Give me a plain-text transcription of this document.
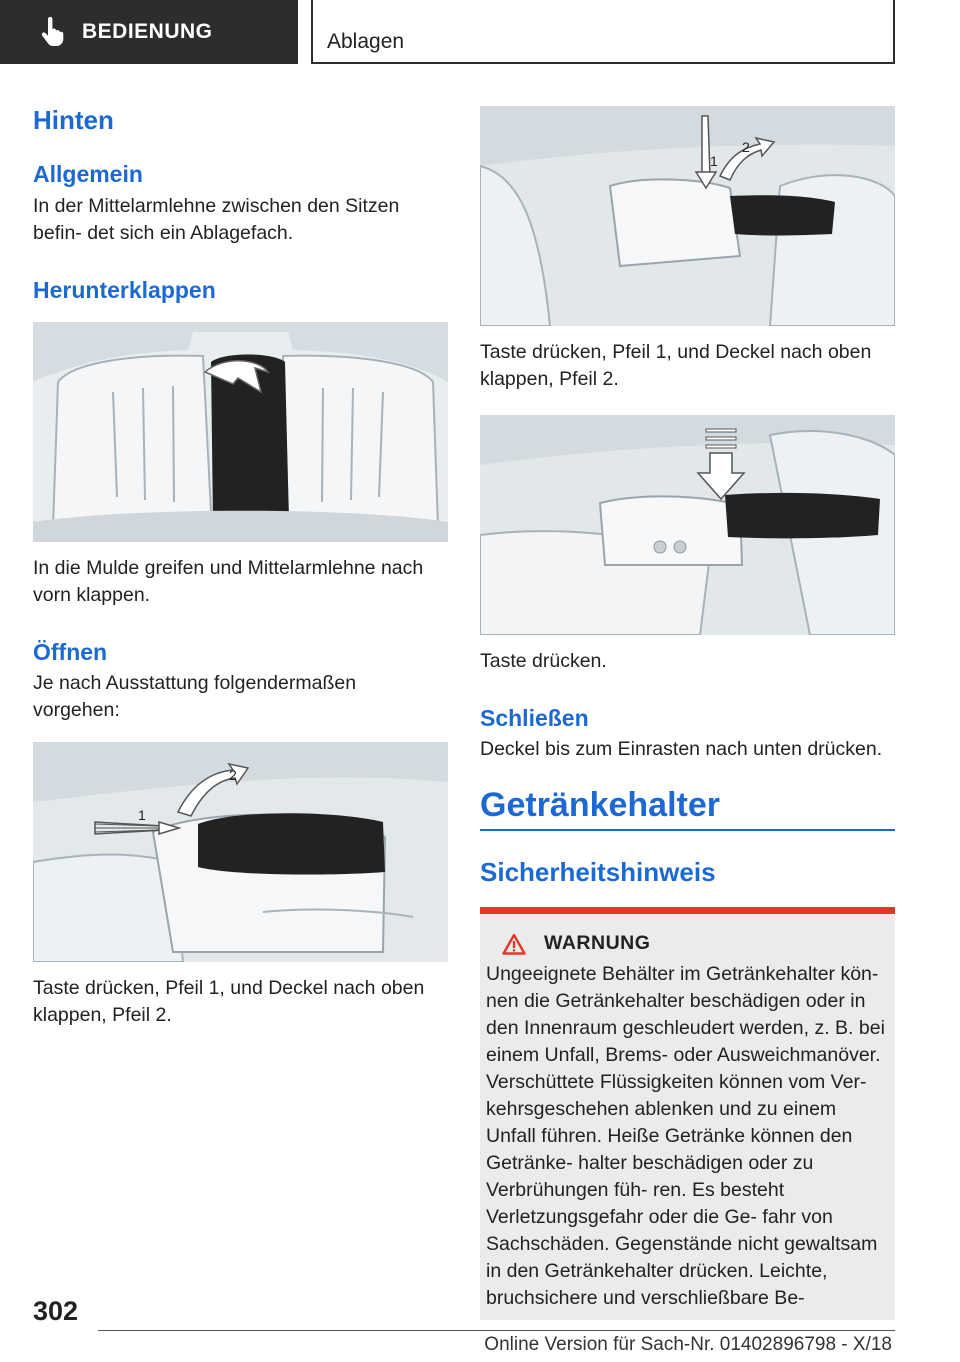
BEDIENUNG	Ablagen
Hinten
Allgemein
In der Mittelarmlehne zwischen den Sitzen befin- det sich ein Ablagefach.
Herunterklappen
In die Mulde greifen und Mittelarmlehne nach vorn klappen.
Öffnen
Je nach Ausstattung folgendermaßen vorgehen:
1
2
Taste drücken, Pfeil 1, und Deckel nach oben klappen, Pfeil 2.
1
2
Taste drücken, Pfeil 1, und Deckel nach oben klappen, Pfeil 2.
Taste drücken.
Schließen
Deckel bis zum Einrasten nach unten drücken.
Getränkehalter
Sicherheitshinweis
WARNUNG
Ungeeignete Behälter im Getränkehalter kön- nen die Getränkehalter beschädigen oder in den Innenraum geschleudert werden, z. B. bei einem Unfall, Brems- oder Ausweichmanöver. Verschüttete Flüssigkeiten können vom Ver- kehrsgeschehen ablenken und zu einem Unfall führen. Heiße Getränke können den Getränke- halter beschädigen oder zu Verbrühungen füh- ren. Es besteht Verletzungsgefahr oder die Ge- fahr von Sachschäden. Gegenstände nicht gewaltsam in den Getränkehalter drücken. Leichte, bruchsichere und verschließbare Be-
302
Online Version für Sach-Nr. 01402896798 - X/18
